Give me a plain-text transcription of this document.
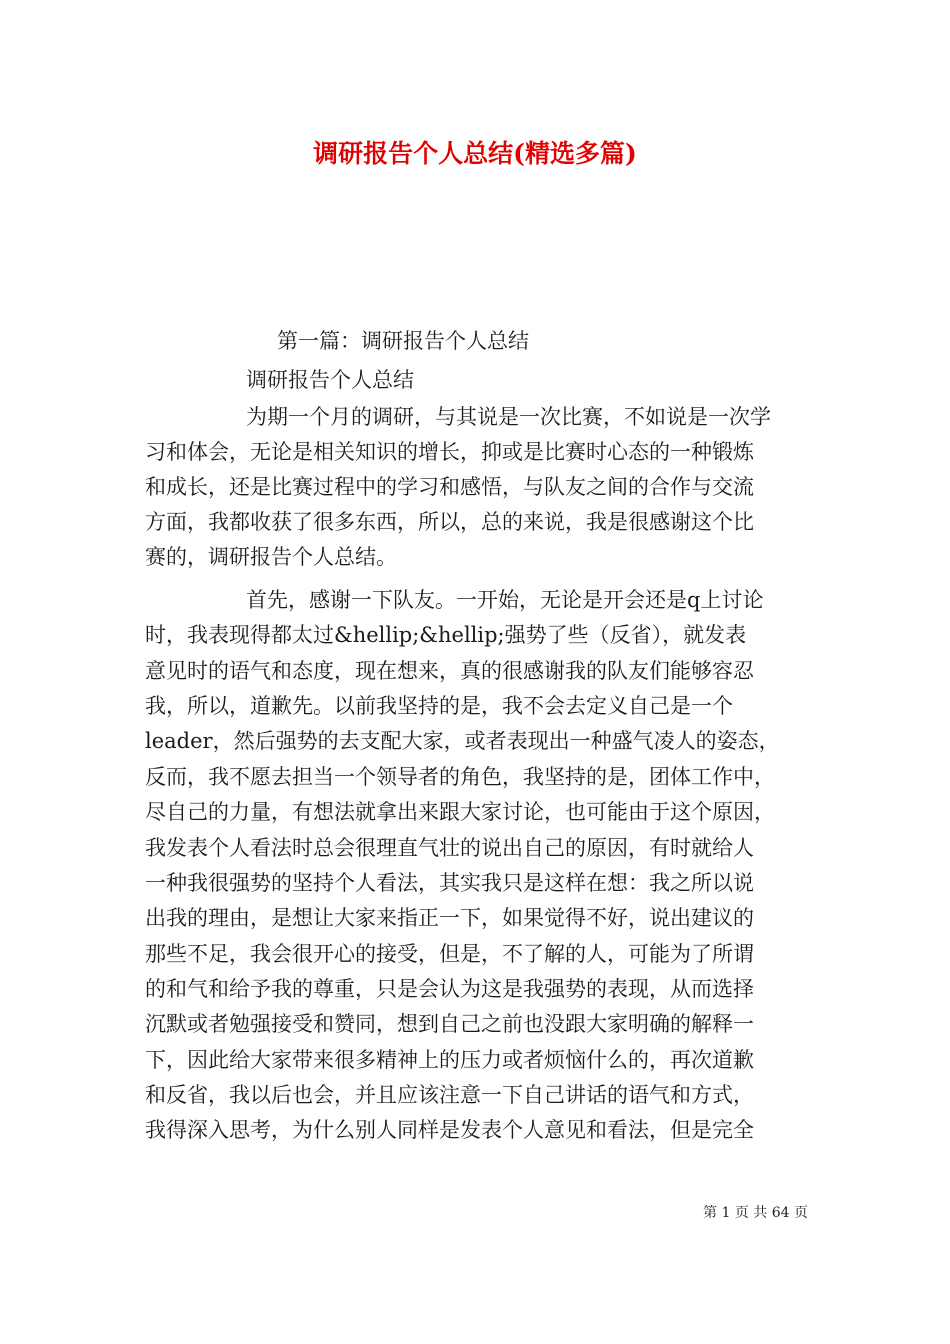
调研报告个人总结(精选多篇)
第一篇：调研报告个人总结
调研报告个人总结
为期一个月的调研，与其说是一次比赛，不如说是一次学
习和体会，无论是相关知识的增长，抑或是比赛时心态的一种锻炼
和成长，还是比赛过程中的学习和感悟，与队友之间的合作与交流
方面，我都收获了很多东西，所以，总的来说，我是很感谢这个比
赛的，调研报告个人总结。
首先，感谢一下队友。一开始，无论是开会还是q上讨论
时，我表现得都太过&hellip;&hellip;强势了些（反省），就发表
意见时的语气和态度，现在想来，真的很感谢我的队友们能够容忍
我，所以，道歉先。以前我坚持的是，我不会去定义自己是一个
leader，然后强势的去支配大家，或者表现出一种盛气凌人的姿态，
反而，我不愿去担当一个领导者的角色，我坚持的是，团体工作中，
尽自己的力量，有想法就拿出来跟大家讨论，也可能由于这个原因，
我发表个人看法时总会很理直气壮的说出自己的原因，有时就给人
一种我很强势的坚持个人看法，其实我只是这样在想：我之所以说
出我的理由，是想让大家来指正一下，如果觉得不好，说出建议的
那些不足，我会很开心的接受，但是，不了解的人，可能为了所谓
的和气和给予我的尊重，只是会认为这是我强势的表现，从而选择
沉默或者勉强接受和赞同，想到自己之前也没跟大家明确的解释一
下，因此给大家带来很多精神上的压力或者烦恼什么的，再次道歉
和反省，我以后也会，并且应该注意一下自己讲话的语气和方式，
我得深入思考，为什么别人同样是发表个人意见和看法，但是完全
第 1 页 共 64 页
